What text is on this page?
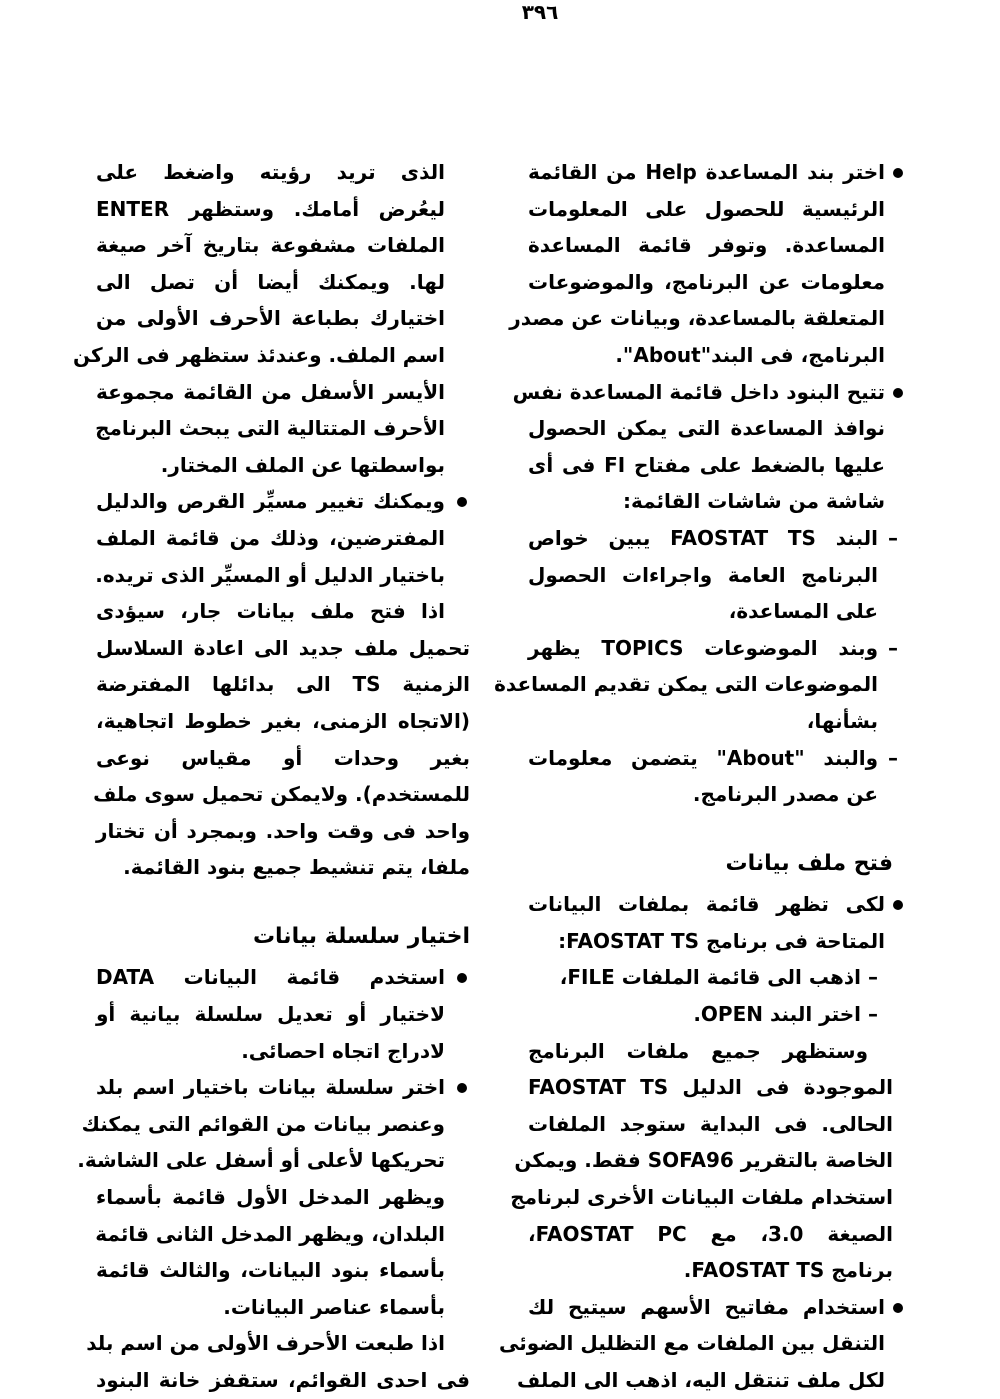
٣٩٦
اختر بند المساعدة Help من القائمة
الرئيسية للحصول على المعلومات
المساعدة. وتوفر قائمة المساعدة
معلومات عن البرنامج، والموضوعات
المتعلقة بالمساعدة، وبيانات عن مصدر
البرنامج، فى البند"About".
تتيح البنود داخل قائمة المساعدة نفس
نوافذ المساعدة التى يمكن الحصول
عليها بالضغط على مفتاح FI فى أى
شاشة من شاشات القائمة:
–
البند FAOSTAT TS يبين خواص
البرنامج العامة واجراءات الحصول
على المساعدة،
–
وبند الموضوعات TOPICS يظهر
الموضوعات التى يمكن تقديم المساعدة
بشأنها،
–
والبند "About" يتضمن معلومات
عن مصدر البرنامج.
فتح ملف بيانات
لكى تظهر قائمة بملفات البيانات
المتاحة فى برنامج FAOSTAT TS:
– اذهب الى قائمة الملفات FILE،
– اختر البند OPEN.
وستظهر جميع ملفات البرنامج
الموجودة فى الدليل FAOSTAT TS
الحالى. فى البداية ستوجد الملفات
الخاصة بالتقرير SOFA96 فقط. ويمكن
استخدام ملفات البيانات الأخرى لبرنامج
الصيغة 3.0، مع FAOSTAT PC،
برنامج FAOSTAT TS.
استخدام مفاتيح الأسهم سيتيح لك
التنقل بين الملفات مع التظليل الضوئى
لكل ملف تنتقل اليه، اذهب الى الملف
الذى تريد رؤيته واضغط على
ليعُرض أمامك. وستظهر ENTER
الملفات مشفوعة بتاريخ آخر صيغة
لها. ويمكنك أيضا أن تصل الى
اختيارك بطباعة الأحرف الأولى من
اسم الملف. وعندئذ ستظهر فى الركن
الأيسر الأسفل من القائمة مجموعة
الأحرف المتتالية التى يبحث البرنامج
بواسطتها عن الملف المختار.
ويمكنك تغيير مسيِّر القرص والدليل
المفترضين، وذلك من قائمة الملف
باختيار الدليل أو المسيِّر الذى تريده.
اذا فتح ملف بيانات جار، سيؤدى
تحميل ملف جديد الى اعادة السلاسل
الزمنية TS الى بدائلها المفترضة
(الاتجاه الزمنى، بغير خطوط اتجاهية،
بغير وحدات أو مقياس نوعى
للمستخدم). ولايمكن تحميل سوى ملف
واحد فى وقت واحد. وبمجرد أن تختار
ملفا، يتم تنشيط جميع بنود القائمة.
اختيار سلسلة بيانات
استخدم قائمة البيانات DATA
لاختيار أو تعديل سلسلة بيانية أو
لادراج اتجاه احصائى.
اختر سلسلة بيانات باختيار اسم بلد
وعنصر بيانات من القوائم التى يمكنك
تحريكها لأعلى أو أسفل على الشاشة.
ويظهر المدخل الأول قائمة بأسماء
البلدان، ويظهر المدخل الثانى قائمة
بأسماء بنود البيانات، والثالث قائمة
بأسماء عناصر البيانات.
اذا طبعت الأحرف الأولى من اسم بلد
فى احدى القوائم، ستقفز خانة البنود
